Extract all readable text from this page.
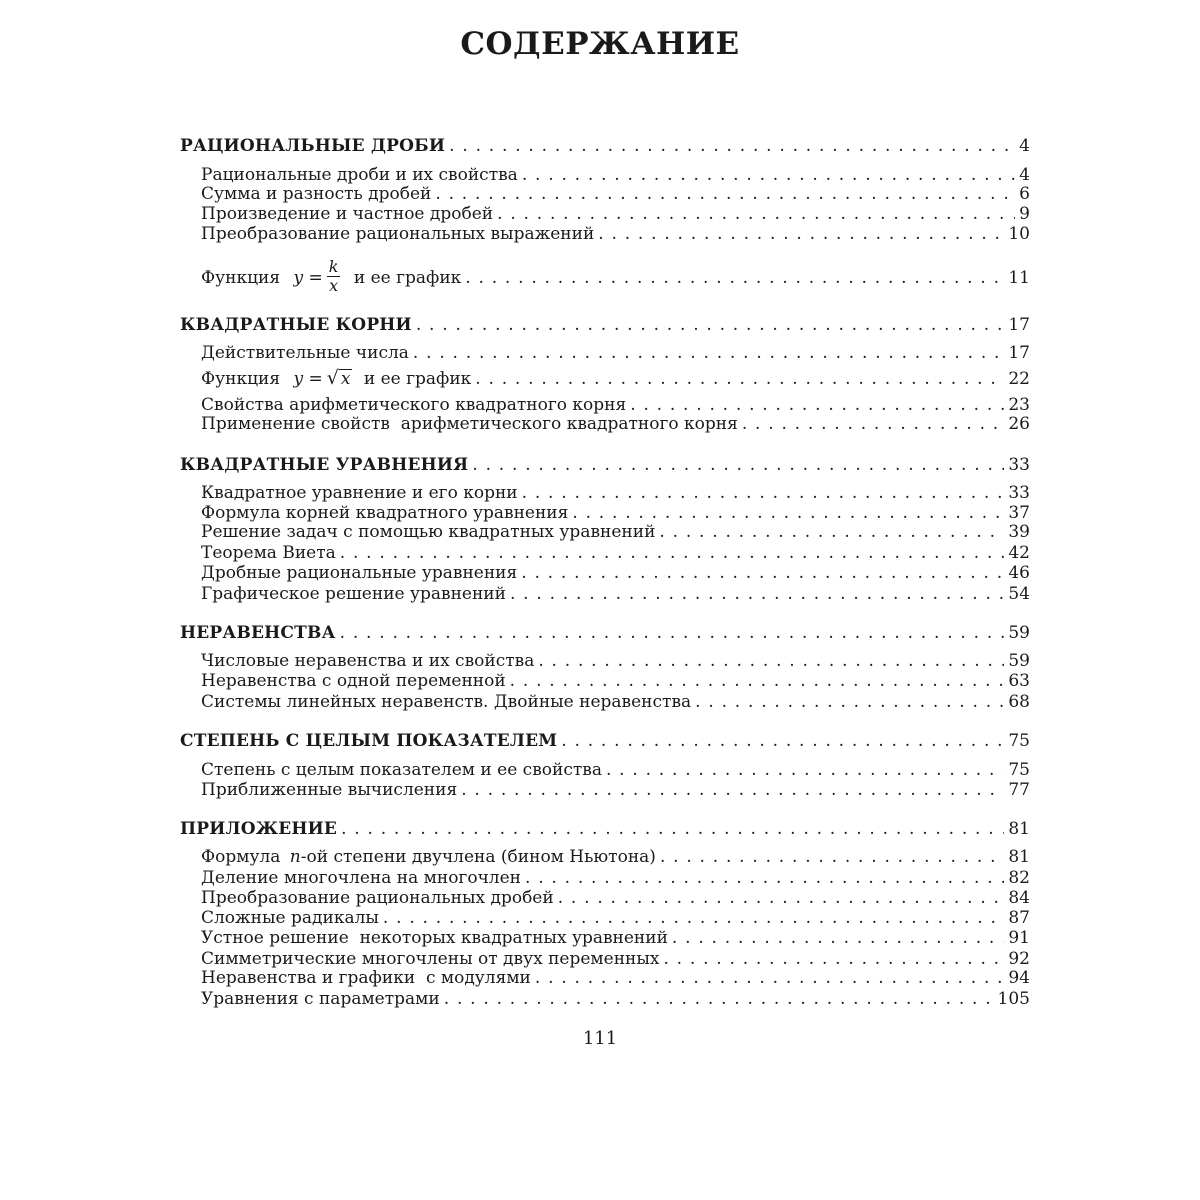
СОДЕРЖАНИЕ
РАЦИОНАЛЬНЫЕ ДРОБИ . . .	4
Рациональные дроби и их свойства . . .	4
Сумма и разность дробей . . .	6
Произведение и частное дробей . . .	9
Преобразование рациональных выражений . . .	10
Функция $y = \frac{k}{x}$ и ее график . . .	11
КВАДРАТНЫЕ КОРНИ . . .	17
Действительные числа . . .	17
Функция y = √ x и ее график . . .	22
Свойства арифметического квадратного корня . . .	23
Применение свойств  арифметического квадратного корня . . .	26
КВАДРАТНЫЕ УРАВНЕНИЯ . . .	33
Квадратное уравнение и его корни . . .	33
Формула корней квадратного уравнения . . .	37
Решение задач с помощью квадратных уравнений . . .	39
Теорема Виета . . .	42
Дробные рациональные уравнения . . .	46
Графическое решение уравнений . . .	54
НЕРАВЕНСТВА . . .	59
Числовые неравенства и их свойства . . .	59
Неравенства с одной переменной . . .	63
Системы линейных неравенств. Двойные неравенства . . .	68
СТЕПЕНЬ С ЦЕЛЫМ ПОКАЗАТЕЛЕМ . . .	75
Степень с целым показателем и ее свойства . . .	75
Приближенные вычисления . . .	77
ПРИЛОЖЕНИЕ . . .	81
Формула n-ой степени двучлена (бином Ньютона) . . .	81
Деление многочлена на многочлен . . .	82
Преобразование рациональных дробей . . .	84
Сложные радикалы . . .	87
Устное решение  некоторых квадратных уравнений . . .	91
Симметрические многочлены от двух переменных . . .	92
Неравенства и графики  с модулями . . .	94
Уравнения с параметрами . . .	105
111
